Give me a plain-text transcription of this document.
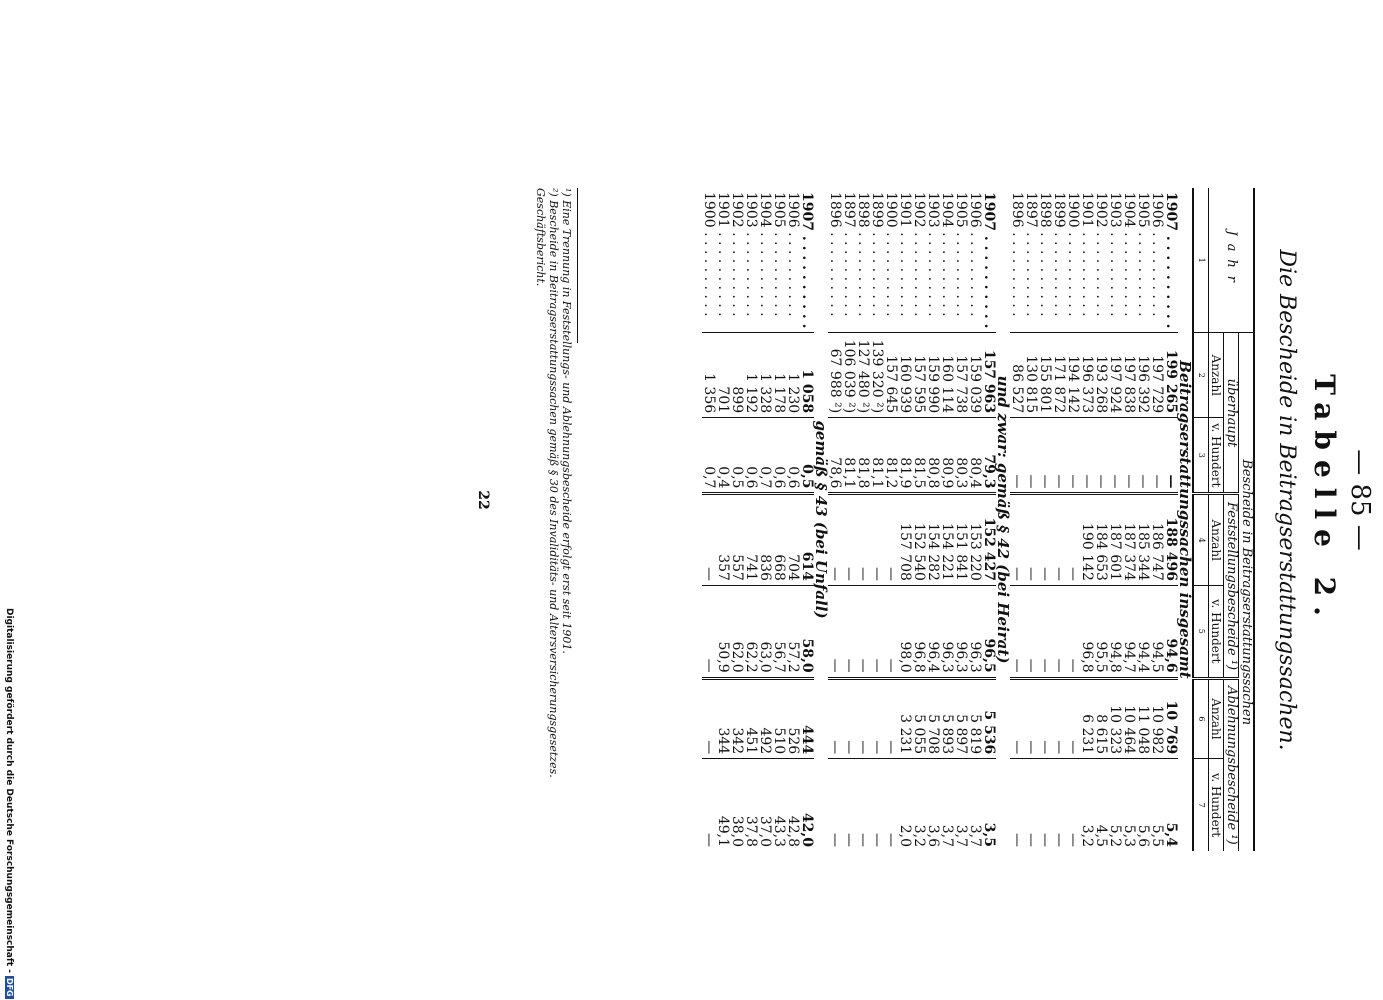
— 85 —
Tabelle 2.
Die Bescheide in Beitragserstattungssachen.
Jahr	Bescheide in Beitragserstattungssachen					
	überhaupt		Feststellungsbescheide ¹)		Ablehnungsbescheide ¹)	
	Anzahl	v. Hundert	Anzahl	v. Hundert	Anzahl	v. Hundert
1	2	3	4	5	6	7
Beitragserstattungssachen insgesamt						
1907 . . . . . . . . . .	199 265	—	188 496	94,6	10 769	5,4
1906 . . . . . . . . . .	197 729	—	186 747	94,5	10 982	5,5
1905 . . . . . . . . . .	196 392	—	185 344	94,4	11 048	5,6
1904 . . . . . . . . . .	197 838	—	187 374	94,7	10 464	5,3
1903 . . . . . . . . . .	197 924	—	187 601	94,8	10 323	5,2
1902 . . . . . . . . . .	193 268	—	184 653	95,5	8 615	4,5
1901 . . . . . . . . . .	196 373	—	190 142	96,8	6 231	3,2
1900 . . . . . . . . . .	194 142	—	—	—	—	—
1899 . . . . . . . . . .	171 872	—	—	—	—	—
1898 . . . . . . . . . .	155 801	—	—	—	—	—
1897 . . . . . . . . . .	130 815	—	—	—	—	—
1896 . . . . . . . . . .	86 527	—	—	—	—	—
und zwar: gemäß § 42 (bei Heirat)						
1907 . . . . . . . . . .	157 963	79,3	152 427	96,5	5 536	3,5
1906 . . . . . . . . . .	159 039	80,4	153 220	96,3	5 819	3,7
1905 . . . . . . . . . .	157 738	80,3	151 841	96,3	5 897	3,7
1904 . . . . . . . . . .	160 114	80,9	154 221	96,3	5 893	3,7
1903 . . . . . . . . . .	159 990	80,8	154 282	96,4	5 708	3,6
1902 . . . . . . . . . .	157 595	81,5	152 540	96,8	5 055	3,2
1901 . . . . . . . . . .	160 939	81,9	157 708	98,0	3 231	2,0
1900 . . . . . . . . . .	157 645	81,2	—	—	—	—
1899 . . . . . . . . . .	139 320 ²)	81,1	—	—	—	—
1898 . . . . . . . . . .	127 480 ²)	81,8	—	—	—	—
1897 . . . . . . . . . .	106 039 ²)	81,1	—	—	—	—
1896 . . . . . . . . . .	67 988 ²)	78,6	—	—	—	—
gemäß § 43 (bei Unfall)						
1907 . . . . . . . . . .	1 058	0,5	614	58,0	444	42,0
1906 . . . . . . . . . .	1 230	0,6	704	57,2	526	42,8
1905 . . . . . . . . . .	1 178	0,6	668	56,7	510	43,3
1904 . . . . . . . . . .	1 328	0,7	836	63,0	492	37,0
1903 . . . . . . . . . .	1 192	0,6	741	62,2	451	37,8
1902 . . . . . . . . . .	899	0,5	557	62,0	342	38,0
1901 . . . . . . . . . .	701	0,4	357	50,9	344	49,1
1900 . . . . . . . . . .	1 356	0,7	—	—	—	—
¹) Eine Trennung in Feststellungs- und Ablehnungsbescheide erfolgt erst seit 1901.
²) Bescheide in Beitragserstattungssachen gemäß § 30 des Invaliditäts- und Altersversicherungsgesetzes.
Geschäftsbericht.
22
Digitalisierung gefördert durch die Deutsche Forschungsgemeinschaft -DFG
